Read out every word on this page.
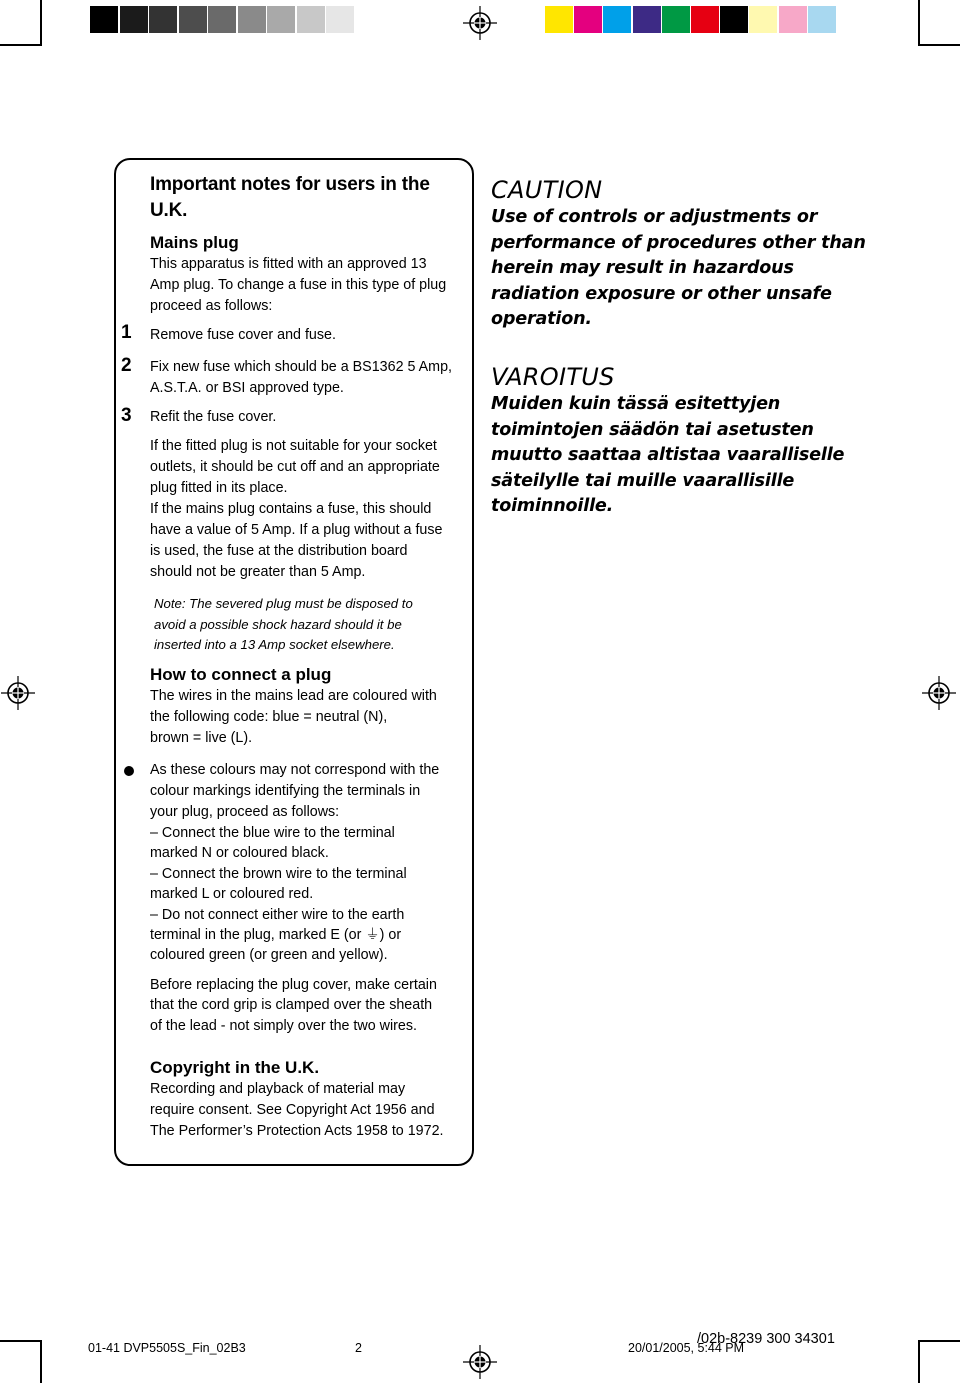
Important notes for users in the
U.K.
Mains plug
This apparatus is fitted with an approved 13
Amp plug. To change a fuse in this type of plug
proceed as follows:
1 Remove fuse cover and fuse.
2 Fix new fuse which should be a BS1362 5 Amp,
A.S.T.A. or BSI approved type.
3 Refit the fuse cover.
If the fitted plug is not suitable for your socket
outlets, it should be cut off and an appropriate
plug fitted in its place.
If the mains plug contains a fuse, this should
have a value of 5 Amp. If a plug without a fuse
is used, the fuse at the distribution board
should not be greater than 5 Amp.
Note: The severed plug must be disposed to
avoid a possible shock hazard should it be
inserted into a 13 Amp socket elsewhere.
How to connect a plug
The wires in the mains lead are coloured with
the following code: blue = neutral (N),
brown = live (L).
As these colours may not correspond with the
colour markings identifying the terminals in
your plug, proceed as follows:
– Connect the blue wire to the terminal
marked N or coloured black.
– Connect the brown wire to the terminal
marked L or coloured red.
– Do not connect either wire to the earth
terminal in the plug, marked E (or ⏚) or
coloured green (or green and yellow).
Before replacing the plug cover, make certain
that the cord grip is clamped over the sheath
of the lead - not simply over the two wires.
Copyright in the U.K.
Recording and playback of material may
require consent. See Copyright Act 1956 and
The Performer’s Protection Acts 1958 to 1972.
CAUTION
Use of controls or adjustments or
performance of procedures other than
herein may result in hazardous
radiation exposure or other unsafe
operation.
VAROITUS
Muiden kuin tässä esitettyjen
toimintojen säädön tai asetusten
muutto saattaa altistaa vaaralliselle
säteilylle tai muille vaarallisille
toiminnoille.
01-41 DVP5505S_Fin_02B3	2	20/01/2005, 5:44 PM
/02b-8239 300 34301
